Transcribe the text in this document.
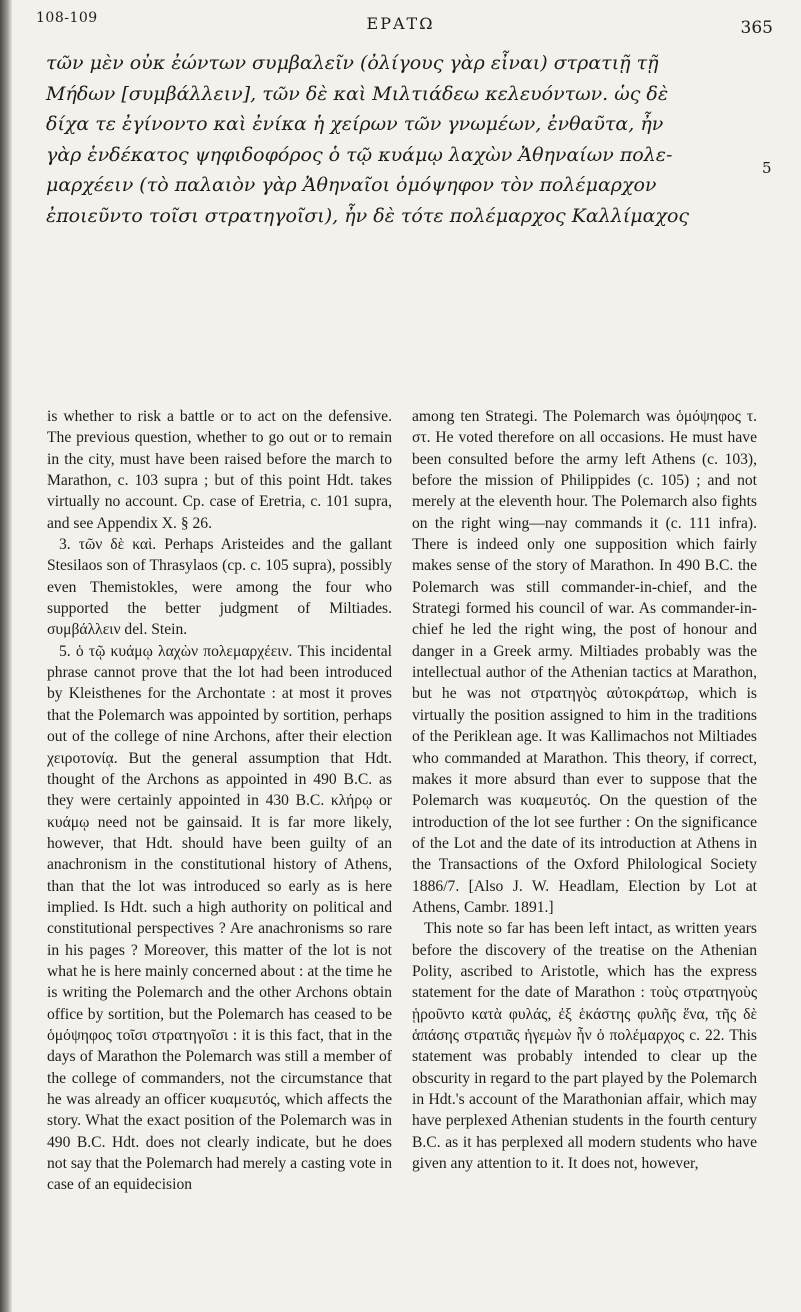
108-109	ΕΡΑΤΩ	365
τῶν μὲν οὐκ ἐώντων συμβαλεῖν (ὀλίγους γὰρ εἶναι) στρατιῇ τῇ
Μήδων [συμβάλλειν], τῶν δὲ καὶ Μιλτιάδεω κελευόντων. ὡς δὲ
δίχα τε ἐγίνοντο καὶ ἐνίκα ἡ χείρων τῶν γνωμέων, ἐνθαῦτα, ἦν
γὰρ ἑνδέκατος ψηφιδοφόρος ὁ τῷ κυάμῳ λαχὼν Ἀθηναίων πολε-
μαρχέειν (τὸ παλαιὸν γὰρ Ἀθηναῖοι ὁμόψηφον τὸν πολέμαρχον
ἐποιεῦντο τοῖσι στρατηγοῖσι), ἦν δὲ τότε πολέμαρχος Καλλίμαχος
5

is whether to risk a battle or to act on the defensive. The previous question, whether to go out or to remain in the city, must have been raised before the march to Marathon, c. 103 supra ; but of this point Hdt. takes virtually no account. Cp. case of Eretria, c. 101 supra, and see Appendix X. § 26.

3. τῶν δὲ καὶ. Perhaps Aristeides and the gallant Stesilaos son of Thrasylaos (cp. c. 105 supra), possibly even Themistokles, were among the four who supported the better judgment of Miltiades. συμβάλλειν del. Stein.

5. ὁ τῷ κυάμῳ λαχὼν πολεμαρχέειν. This incidental phrase cannot prove that the lot had been introduced by Kleisthenes for the Archontate : at most it proves that the Polemarch was appointed by sortition, perhaps out of the college of nine Archons, after their election χειροτονίᾳ. But the general assumption that Hdt. thought of the Archons as appointed in 490 B.C. as they were certainly appointed in 430 B.C. κλήρῳ or κυάμῳ need not be gainsaid. It is far more likely, however, that Hdt. should have been guilty of an anachronism in the constitutional history of Athens, than that the lot was introduced so early as is here implied. Is Hdt. such a high authority on political and constitutional perspectives ? Are anachronisms so rare in his pages ? Moreover, this matter of the lot is not what he is here mainly concerned about : at the time he is writing the Polemarch and the other Archons obtain office by sortition, but the Polemarch has ceased to be ὁμόψηφος τοῖσι στρατηγοῖσι : it is this fact, that in the days of Marathon the Polemarch was still a member of the college of commanders, not the circumstance that he was already an officer κυαμευτός, which affects the story. What the exact position of the Polemarch was in 490 B.C. Hdt. does not clearly indicate, but he does not say that the Polemarch had merely a casting vote in case of an equidecision

among ten Strategi. The Polemarch was ὁμόψηφος τ. στ. He voted therefore on all occasions. He must have been consulted before the army left Athens (c. 103), before the mission of Philippides (c. 105) ; and not merely at the eleventh hour. The Polemarch also fights on the right wing—nay commands it (c. 111 infra). There is indeed only one supposition which fairly makes sense of the story of Marathon. In 490 B.C. the Polemarch was still commander-in-chief, and the Strategi formed his council of war. As commander-in-chief he led the right wing, the post of honour and danger in a Greek army. Miltiades probably was the intellectual author of the Athenian tactics at Marathon, but he was not στρατηγὸς αὐτοκράτωρ, which is virtually the position assigned to him in the traditions of the Periklean age. It was Kallimachos not Miltiades who commanded at Marathon. This theory, if correct, makes it more absurd than ever to suppose that the Polemarch was κυαμευτός. On the question of the introduction of the lot see further : On the significance of the Lot and the date of its introduction at Athens in the Transactions of the Oxford Philological Society 1886/7. [Also J. W. Headlam, Election by Lot at Athens, Cambr. 1891.]

This note so far has been left intact, as written years before the discovery of the treatise on the Athenian Polity, ascribed to Aristotle, which has the express statement for the date of Marathon : τοὺς στρατηγοὺς ᾑροῦντο κατὰ φυλάς, ἐξ ἑκάστης φυλῆς ἕνα, τῆς δὲ ἁπάσης στρατιᾶς ἡγεμὼν ἦν ὁ πολέμαρχος c. 22. This statement was probably intended to clear up the obscurity in regard to the part played by the Polemarch in Hdt.'s account of the Marathonian affair, which may have perplexed Athenian students in the fourth century B.C. as it has perplexed all modern students who have given any attention to it. It does not, however,
